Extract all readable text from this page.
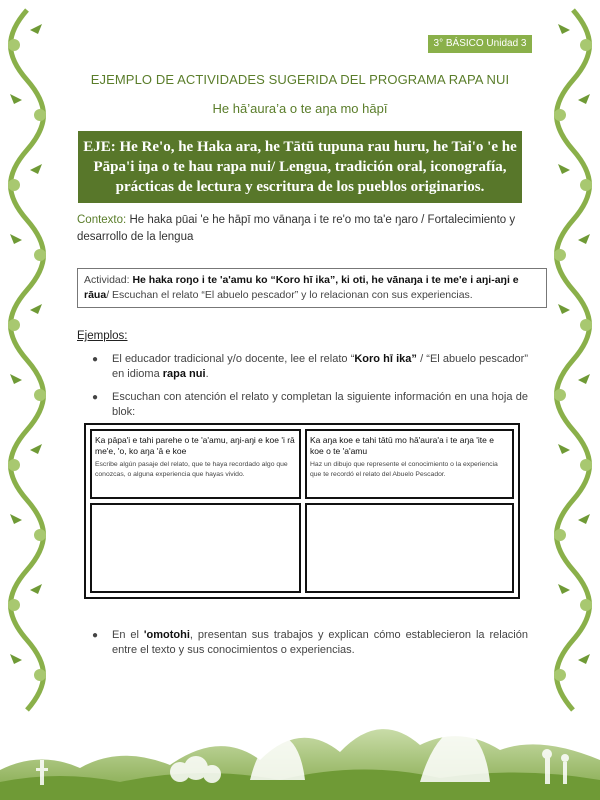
3° BÁSICO Unidad 3
EJEMPLO DE ACTIVIDADES SUGERIDA DEL PROGRAMA RAPA NUI
He hā’aura’a o te aŋa mo hāpī
EJE: He Re'o, he Haka ara, he Tātū tupuna rau huru, he Tai'o 'e he Pāpa'i iŋa o te hau rapa nui/ Lengua, tradición oral, iconografía, prácticas de lectura y escritura de los pueblos originarios.
Contexto: He haka pūai 'e he hāpī mo vānaŋa i te re'o mo ta'e ŋaro / Fortalecimiento y desarrollo de la lengua
Actividad: He haka roŋo i te 'a'amu ko “Koro hī ika”, ki oti, he vānaŋa i te me'e i aŋi-aŋi e rāua/ Escuchan el relato “El abuelo pescador” y lo relacionan con sus experiencias.
Ejemplos:
● El educador tradicional y/o docente, lee el relato “Koro hī ika” / “El abuelo pescador” en idioma rapa nui.
● Escuchan con atención el relato y completan la siguiente información en una hoja de blok:
Ka pāpa'i e tahi parehe o te 'a'amu, aŋi-aŋi e koe 'i rā me'e, 'o, ko aŋa 'ā e koe
Escribe algún pasaje del relato, que te haya recordado algo que conozcas, o alguna experiencia que hayas vivido.
Ka aŋa koe e tahi tātū mo hā'aura'a i te aŋa 'ite e koe o te 'a'amu
Haz un dibujo que represente el conocimiento o la experiencia que te recordó el relato del Abuelo Pescador.
● En el 'omotohi, presentan sus trabajos y explican cómo establecieron la relación entre el texto y sus conocimientos o experiencias.
